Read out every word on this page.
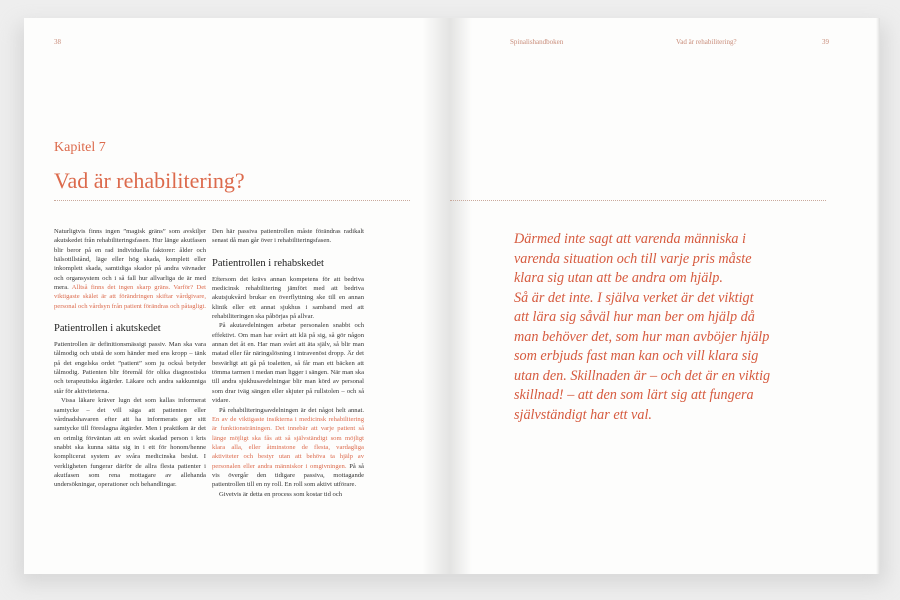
38
Kapitel 7
Vad är rehabilitering?

Naturligtvis finns ingen ”magisk gräns” som avskiljer akutskedet från rehabiliteringsfasen. Hur länge akutfasen blir beror på en rad individuella faktorer: ålder och hälsotillstånd, läge eller hög skada, komplett eller inkomplett skada, samtidiga skador på andra vävnader och organsystem och i så fall hur allvarliga de är med mera. Alltså finns det ingen skarp gräns. Varför? Det viktigaste skälet är att förändringen skiftar vårdgivare, personal och vårdsyn från patient förändras och påtagligt.

Patientrollen i akutskedet

Patientrollen är definitionsmässigt passiv. Man ska vara tålmodig och utstå de som händer med ens kropp – tänk på det engelska ordet ”patient” som ju också betyder tålmodig. Patienten blir föremål för olika diagnostiska och terapeutiska åtgärder. Läkare och andra sakkunniga står för aktiviteterna.

Vissa läkare kräver lugn det som kallas informerat samtycke – det vill säga att patienten eller vårdnadshavaren efter att ha informerats ger sitt samtycke till föreslagna åtgärder. Men i praktiken är det en orimlig förväntan att en svårt skadad person i kris snabbt ska kunna sätta sig in i ett för honom/henne komplicerat system av svåra medicinska beslut. I verkligheten fungerar därför de allra flesta patienter i akutfasen som rena mottagare av allehanda undersökningar, operationer och behandlingar.

Den här passiva patientrollen måste förändras radikalt senast då man går över i rehabiliteringsfasen.

Patientrollen i rehabskedet

Eftersom det krävs annan kompetens för att bedriva medicinsk rehabilitering jämfört med att bedriva akutsjukvård brukar en överflyttning ske till en annan klinik eller ett annat sjukhus i samband med att rehabiliteringen ska påbörjas på allvar.

På akutavdelningen arbetar personalen snabbt och effektivt. Om man har svårt att klä på sig, så gör någon annan det åt en. Har man svårt att äta själv, så blir man matad eller får näringslösning i intravenöst dropp. Är det besvärligt att gå på toaletten, så får man ett bäcken att tömma tarmen i medan man ligger i sängen. När man ska till andra sjukhusavdelningar blir man körd av personal som drar iväg sängen eller skjuter på rullstolen – och så vidare.

På rehabiliteringsavdelningen är det något helt annat. En av de viktigaste insikterna i medicinsk rehabilitering är funktionsträningen. Det innebär att varje patient så länge möjligt ska fås att så självständigt som möjligt klara alla, eller åtminstone de flesta, vardagliga aktiviteter och bestyr utan att behöva ta hjälp av personalen eller andra människor i omgivningen. På så vis övergår den tidigare passiva, mottagande patientrollen till en ny roll. En roll som aktivt utförare.

Givetvis är detta en process som kostar tid och

Spinalishandboken	Vad är rehabilitering?	39

Därmed inte sagt att varenda människa i

varenda situation och till varje pris måste

klara sig utan att be andra om hjälp.

Så är det inte. I själva verket är det viktigt

att lära sig såväl hur man ber om hjälp då

man behöver det, som hur man avböjer hjälp

som erbjuds fast man kan och vill klara sig

utan den. Skillnaden är – och det är en viktig

skillnad! – att den som lärt sig att fungera

självständigt har ett val.
